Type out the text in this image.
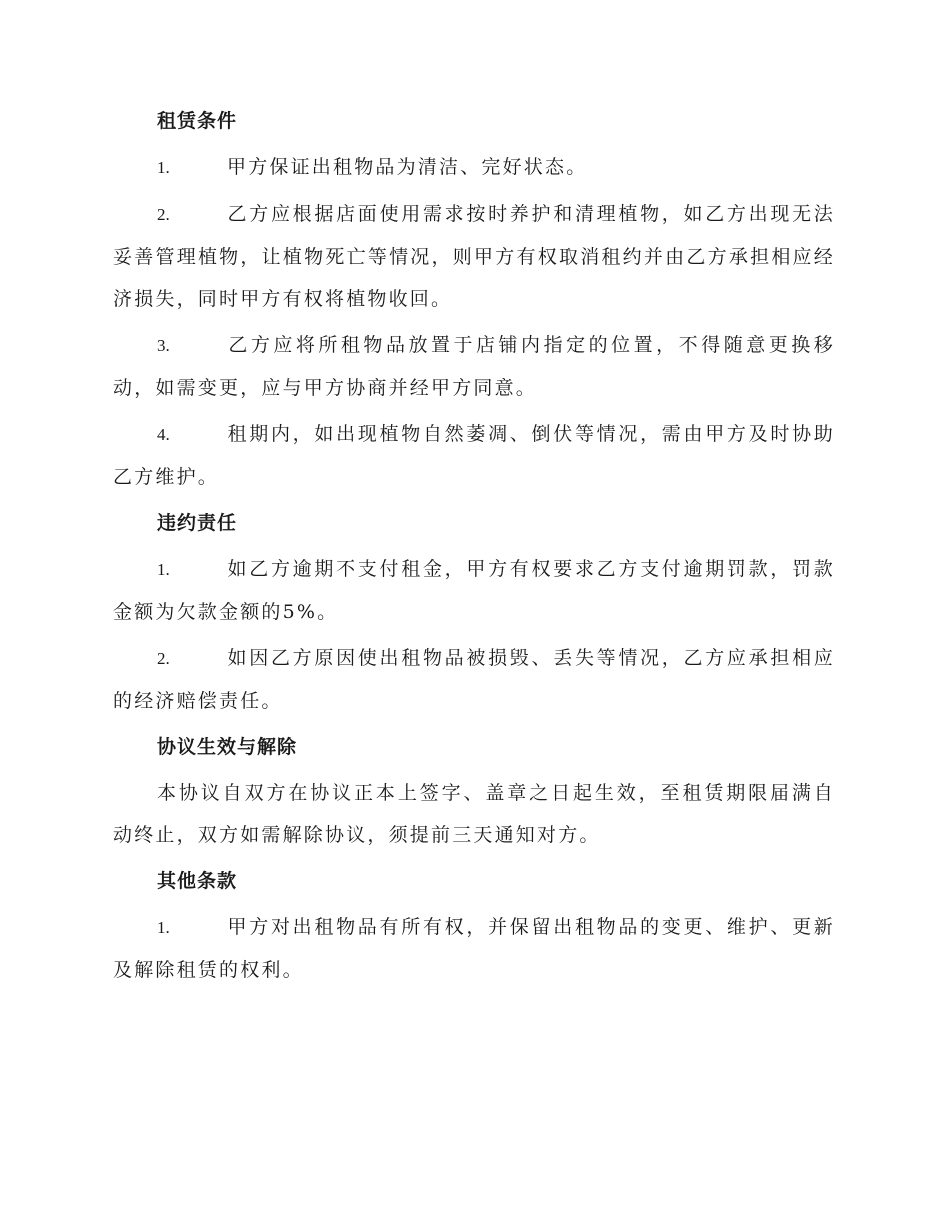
租赁条件
1.	甲方保证出租物品为清洁、完好状态。
2.	乙方应根据店面使用需求按时养护和清理植物，如乙方出现无法妥善管理植物，让植物死亡等情况，则甲方有权取消租约并由乙方承担相应经济损失，同时甲方有权将植物收回。
3.	乙方应将所租物品放置于店铺内指定的位置，不得随意更换移动，如需变更，应与甲方协商并经甲方同意。
4.	租期内，如出现植物自然萎凋、倒伏等情况，需由甲方及时协助乙方维护。
违约责任
1.	如乙方逾期不支付租金，甲方有权要求乙方支付逾期罚款，罚款金额为欠款金额的5%。
2.	如因乙方原因使出租物品被损毁、丢失等情况，乙方应承担相应的经济赔偿责任。
协议生效与解除
本协议自双方在协议正本上签字、盖章之日起生效，至租赁期限届满自动终止，双方如需解除协议，须提前三天通知对方。
其他条款
1.	甲方对出租物品有所有权，并保留出租物品的变更、维护、更新及解除租赁的权利。
